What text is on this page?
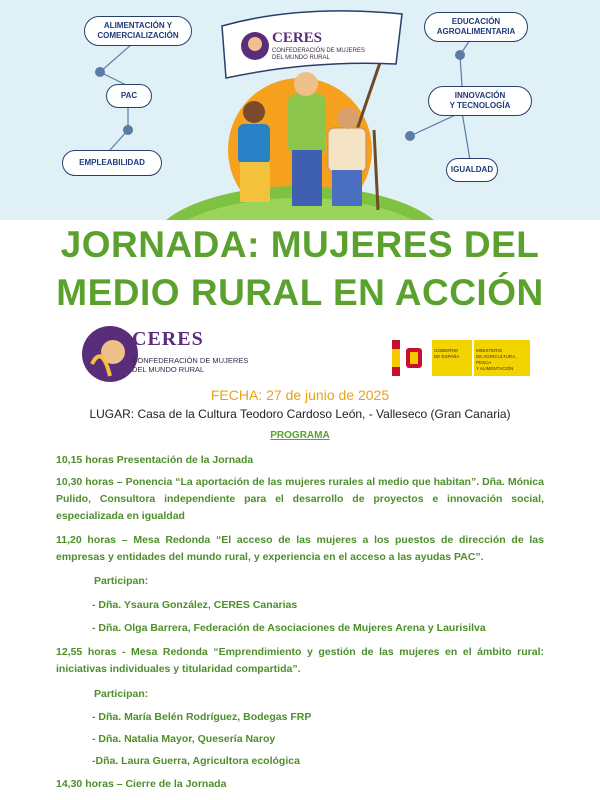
ALIMENTACIÓN Y
COMERCIALIZACIÓN
PAC
EMPLEABILIDAD
EDUCACIÓN
AGROALIMENTARIA
INNOVACIÓN
Y TECNOLOGÍA
IGUALDAD
CERES
CONFEDERACIÓN DE MUJERES
DEL MUNDO RURAL
JORNADA: MUJERES DEL
MEDIO RURAL EN ACCIÓN
CERES
CONFEDERACIÓN DE MUJERES
DEL MUNDO RURAL
GOBIERNO
DE ESPAÑA
MINISTERIO
DE AGRICULTURA, PESCA
Y ALIMENTACIÓN
FECHA: 27 de junio de 2025
LUGAR: Casa de la Cultura Teodoro Cardoso León, - Valleseco (Gran Canaria)
PROGRAMA
10,15 horas Presentación de la Jornada
10,30 horas – Ponencia “La aportación de las mujeres rurales al medio que habitan”. Dña. Mónica Pulido, Consultora independiente para el desarrollo de proyectos e innovación social, especializada en igualdad
11,20 horas – Mesa Redonda “El acceso de las mujeres a los puestos de dirección de las empresas y entidades del mundo rural, y experiencia en el acceso a las ayudas PAC”.
Participan:
- Dña. Ysaura González, CERES Canarias
- Dña. Olga Barrera, Federación de Asociaciones de Mujeres Arena y Laurisilva
12,55 horas - Mesa Redonda “Emprendimiento y gestión de las mujeres en el ámbito rural: iniciativas individuales y titularidad compartida”.
Participan:
- Dña. María Belén Rodríguez, Bodegas FRP
- Dña. Natalia Mayor, Quesería Naroy
-Dña. Laura Guerra, Agricultora ecológica
14,30 horas – Cierre de la Jornada
